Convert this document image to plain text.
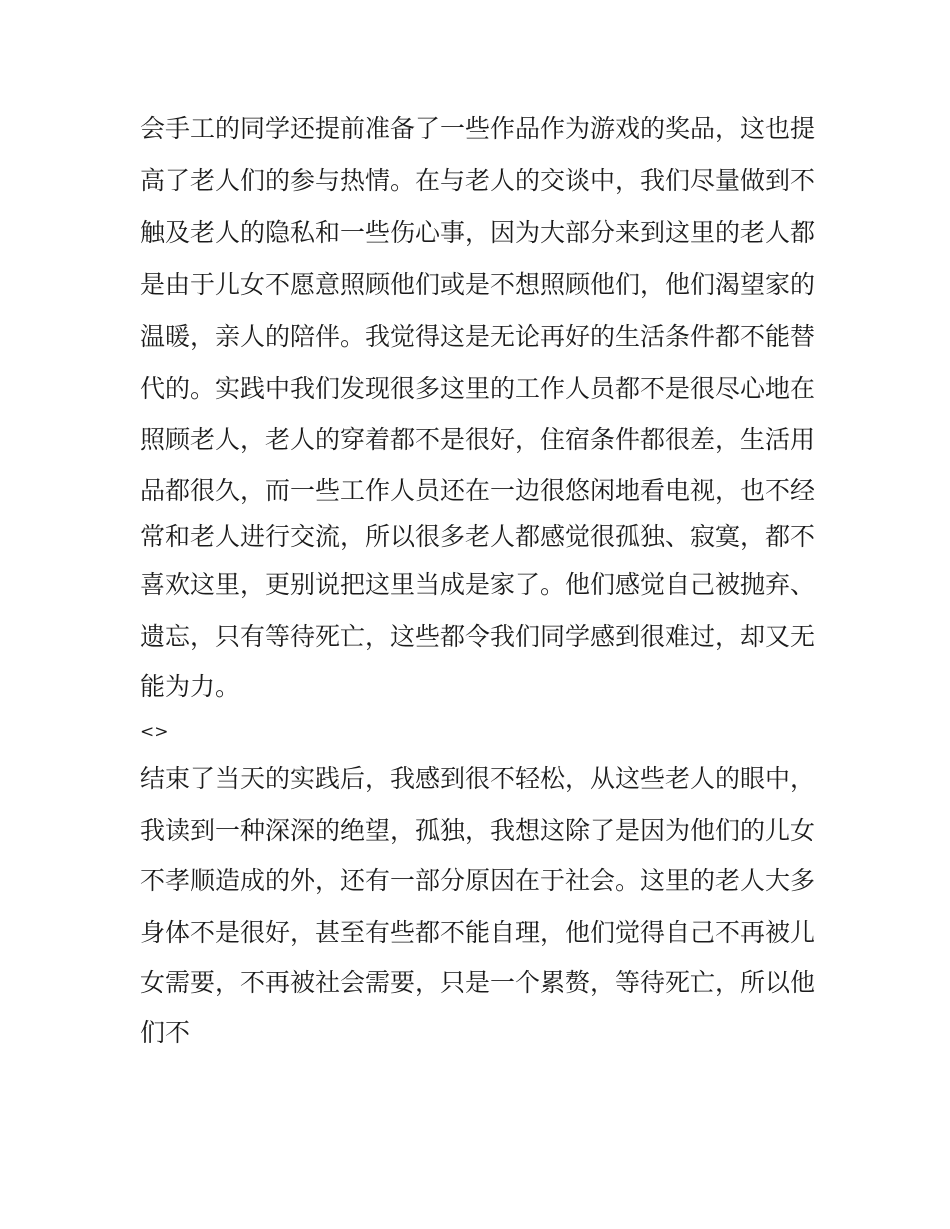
会手工的同学还提前准备了一些作品作为游戏的奖品，这也提
高了老人们的参与热情。在与老人的交谈中，我们尽量做到不
触及老人的隐私和一些伤心事，因为大部分来到这里的老人都
是由于儿女不愿意照顾他们或是不想照顾他们，他们渴望家的
温暖，亲人的陪伴。我觉得这是无论再好的生活条件都不能替
代的。实践中我们发现很多这里的工作人员都不是很尽心地在
照顾老人，老人的穿着都不是很好，住宿条件都很差，生活用
品都很久，而一些工作人员还在一边很悠闲地看电视，也不经
常和老人进行交流，所以很多老人都感觉很孤独、寂寞，都不
喜欢这里，更别说把这里当成是家了。他们感觉自己被抛弃、
遗忘，只有等待死亡，这些都令我们同学感到很难过，却又无
能为力。
<>
结束了当天的实践后，我感到很不轻松，从这些老人的眼中，
我读到一种深深的绝望，孤独，我想这除了是因为他们的儿女
不孝顺造成的外，还有一部分原因在于社会。这里的老人大多
身体不是很好，甚至有些都不能自理，他们觉得自己不再被儿
女需要，不再被社会需要，只是一个累赘，等待死亡，所以他
们不
